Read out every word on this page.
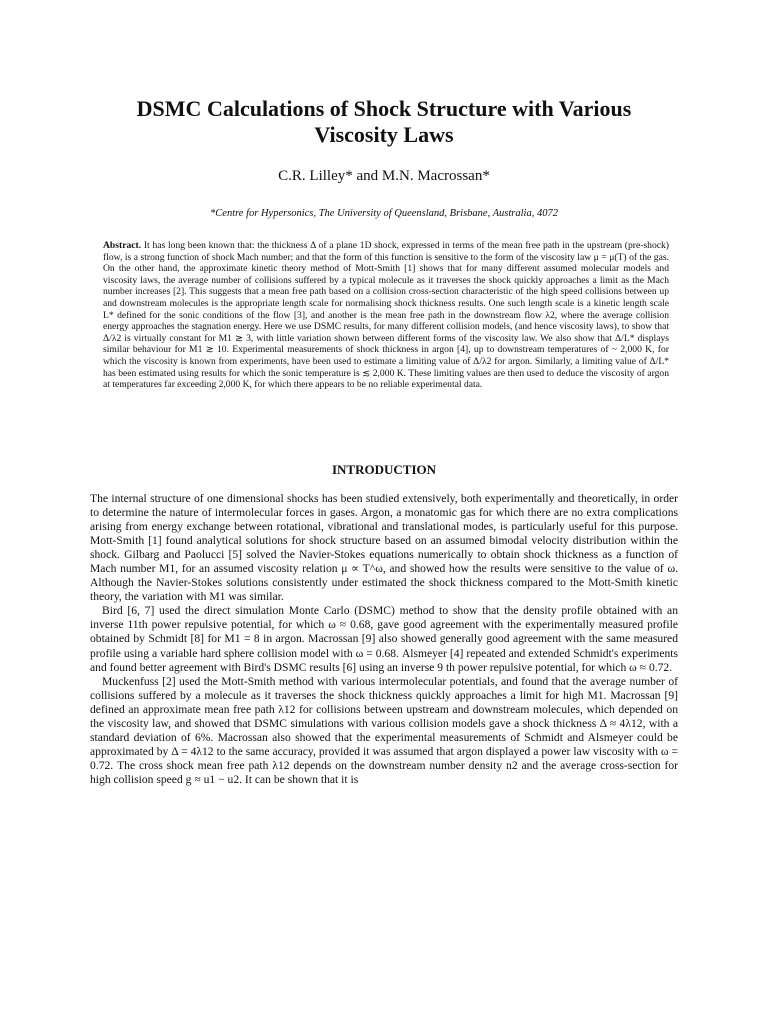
DSMC Calculations of Shock Structure with Various
Viscosity Laws
C.R. Lilley* and M.N. Macrossan*
*Centre for Hypersonics, The University of Queensland, Brisbane, Australia, 4072
Abstract. It has long been known that: the thickness Δ of a plane 1D shock, expressed in terms of the mean free path in the upstream (pre-shock) flow, is a strong function of shock Mach number; and that the form of this function is sensitive to the form of the viscosity law μ = μ(T) of the gas. On the other hand, the approximate kinetic theory method of Mott-Smith [1] shows that for many different assumed molecular models and viscosity laws, the average number of collisions suffered by a typical molecule as it traverses the shock quickly approaches a limit as the Mach number increases [2]. This suggests that a mean free path based on a collision cross-section characteristic of the high speed collisions between up and downstream molecules is the appropriate length scale for normalising shock thickness results. One such length scale is a kinetic length scale L* defined for the sonic conditions of the flow [3], and another is the mean free path in the downstream flow λ2, where the average collision energy approaches the stagnation energy. Here we use DSMC results, for many different collision models, (and hence viscosity laws), to show that Δ/λ2 is virtually constant for M1 ≳ 3, with little variation shown between different forms of the viscosity law. We also show that Δ/L* displays similar behaviour for M1 ≳ 10. Experimental measurements of shock thickness in argon [4], up to downstream temperatures of ~ 2,000 K, for which the viscosity is known from experiments, have been used to estimate a limiting value of Δ/λ2 for argon. Similarly, a limiting value of Δ/L* has been estimated using results for which the sonic temperature is ≲ 2,000 K. These limiting values are then used to deduce the viscosity of argon at temperatures far exceeding 2,000 K, for which there appears to be no reliable experimental data.
INTRODUCTION

The internal structure of one dimensional shocks has been studied extensively, both experimentally and theoretically, in order to determine the nature of intermolecular forces in gases. Argon, a monatomic gas for which there are no extra complications arising from energy exchange between rotational, vibrational and translational modes, is particularly useful for this purpose. Mott-Smith [1] found analytical solutions for shock structure based on an assumed bimodal velocity distribution within the shock. Gilbarg and Paolucci [5] solved the Navier-Stokes equations numerically to obtain shock thickness as a function of Mach number M1, for an assumed viscosity relation μ ∝ T^ω, and showed how the results were sensitive to the value of ω. Although the Navier-Stokes solutions consistently under estimated the shock thickness compared to the Mott-Smith kinetic theory, the variation with M1 was similar.

Bird [6, 7] used the direct simulation Monte Carlo (DSMC) method to show that the density profile obtained with an inverse 11th power repulsive potential, for which ω ≈ 0.68, gave good agreement with the experimentally measured profile obtained by Schmidt [8] for M1 = 8 in argon. Macrossan [9] also showed generally good agreement with the same measured profile using a variable hard sphere collision model with ω = 0.68. Alsmeyer [4] repeated and extended Schmidt's experiments and found better agreement with Bird's DSMC results [6] using an inverse 9 th power repulsive potential, for which ω ≈ 0.72.

Muckenfuss [2] used the Mott-Smith method with various intermolecular potentials, and found that the average number of collisions suffered by a molecule as it traverses the shock thickness quickly approaches a limit for high M1. Macrossan [9] defined an approximate mean free path λ12 for collisions between upstream and downstream molecules, which depended on the viscosity law, and showed that DSMC simulations with various collision models gave a shock thickness Δ ≈ 4λ12, with a standard deviation of 6%. Macrossan also showed that the experimental measurements of Schmidt and Alsmeyer could be approximated by Δ = 4λ12 to the same accuracy, provided it was assumed that argon displayed a power law viscosity with ω = 0.72. The cross shock mean free path λ12 depends on the downstream number density n2 and the average cross-section for high collision speed g ≈ u1 − u2. It can be shown that it is
